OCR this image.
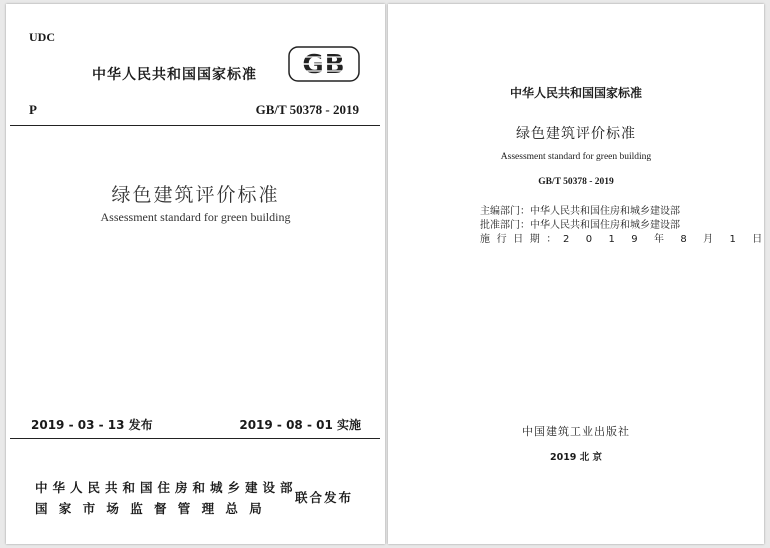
UDC
中华人民共和国国家标准 GB
P	GB/T 50378 - 2019
绿色建筑评价标准
Assessment standard for green building
2019 - 03 - 13 发布	2019 - 08 - 01 实施
中华人民共和国住房和城乡建设部
国家市场监督管理总局
联合发布
中华人民共和国国家标准
绿色建筑评价标准
Assessment standard for green building
GB/T 50378 - 2019
主编部门：中华人民共和国住房和城乡建设部
批准部门：中华人民共和国住房和城乡建设部
施行日期：2 0 1 9 年 8 月 1 日
中国建筑工业出版社
2019 北 京
